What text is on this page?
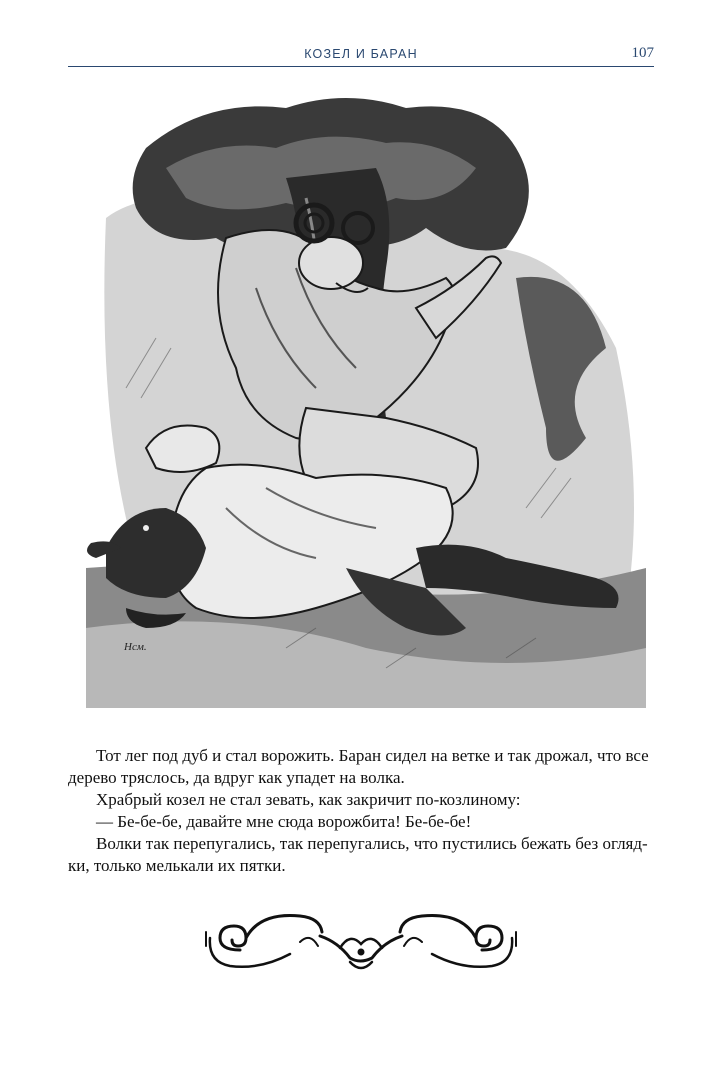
КОЗЕЛ И БАРАН	107
Нсм.

Тот лег под дуб и стал ворожить. Баран сидел на ветке и так дрожал, что все

дерево тряслось, да вдруг как упадет на волка.

Храбрый козел не стал зевать, как закричит по-козлиному:

— Бе-бе-бе, давайте мне сюда ворожбита! Бе-бе-бе!

Волки так перепугались, так перепугались, что пустились бежать без огляд-

ки, только мелькали их пятки.
